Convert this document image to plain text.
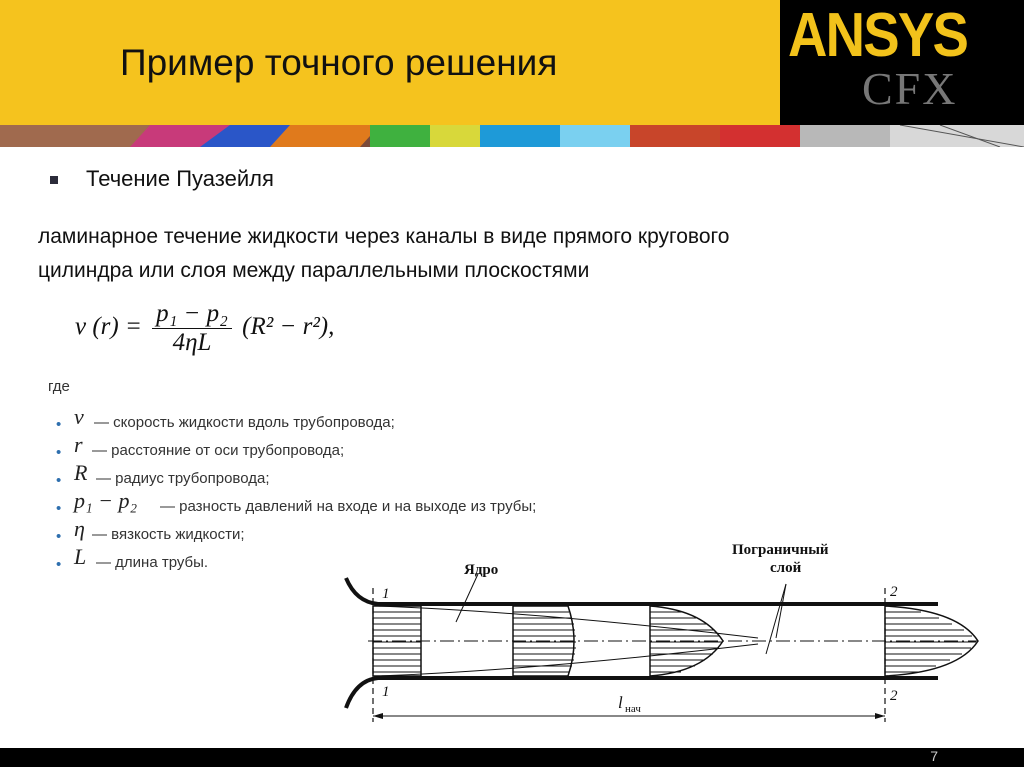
Пример точного решения	ANSYS
CFX
Течение Пуазейля
ламинарное течение жидкости через каналы в виде прямого кругового
цилиндра или слоя между параллельными плоскостями
v $(r) = \frac{\text{p₁ − p₂}}{4\eta L} (R^2 - r^2)$,
где
• v — скорость жидкости вдоль трубопровода;
• r — расстояние от оси трубопровода;
• R — радиус трубопровода;
• p₁ − p₂ — разность давлений на входе и на выходе из трубы;
• η — вязкость жидкости;
• L — длина трубы.	Ядро
Пограничный
слой
1
1
2
2
l нач
7
